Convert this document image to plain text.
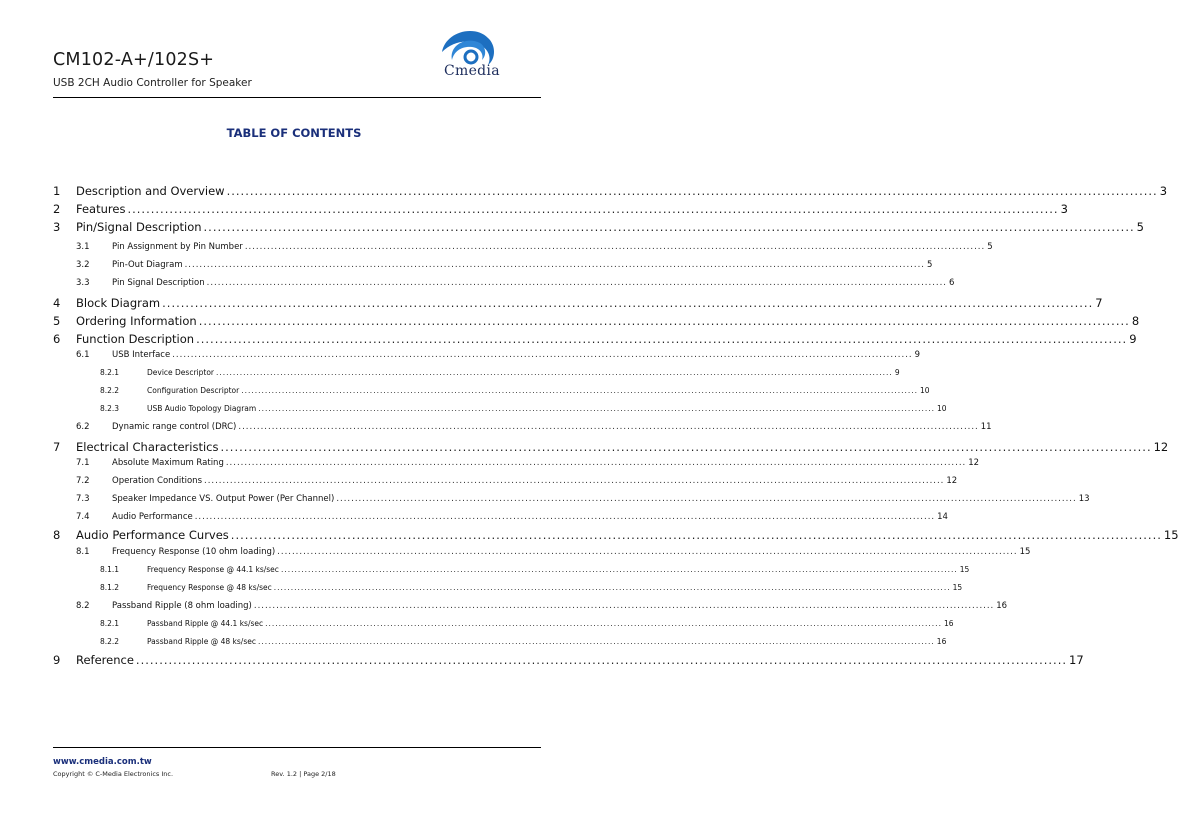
CM102-A+/102S+
USB 2CH Audio Controller for Speaker
Cmedia
TABLE OF CONTENTS
1	Description and Overview ........................................................................................................................................................................................................ 3
2	Features ........................................................................................................................................................................................................ 3
3	Pin/Signal Description ........................................................................................................................................................................................................ 5
3.1	Pin Assignment by Pin Number ........................................................................................................................................................................................................ 5
3.2	Pin-Out Diagram ........................................................................................................................................................................................................ 5
3.3	Pin Signal Description ........................................................................................................................................................................................................ 6
4	Block Diagram ........................................................................................................................................................................................................ 7
5	Ordering Information ........................................................................................................................................................................................................ 8
6	Function Description ........................................................................................................................................................................................................ 9
6.1	USB Interface ........................................................................................................................................................................................................ 9
8.2.1	Device Descriptor ........................................................................................................................................................................................................ 9
8.2.2	Configuration Descriptor ........................................................................................................................................................................................................ 10
8.2.3	USB Audio Topology Diagram ........................................................................................................................................................................................................ 10
6.2	Dynamic range control (DRC) ........................................................................................................................................................................................................ 11
7	Electrical Characteristics ........................................................................................................................................................................................................ 12
7.1	Absolute Maximum Rating ........................................................................................................................................................................................................ 12
7.2	Operation Conditions ........................................................................................................................................................................................................ 12
7.3	Speaker Impedance VS. Output Power (Per Channel) ........................................................................................................................................................................................................ 13
7.4	Audio Performance ........................................................................................................................................................................................................ 14
8	Audio Performance Curves ........................................................................................................................................................................................................ 15
8.1	Frequency Response (10 ohm loading) ........................................................................................................................................................................................................ 15
8.1.1	Frequency Response @ 44.1 ks/sec ........................................................................................................................................................................................................ 15
8.1.2	Frequency Response @ 48 ks/sec ........................................................................................................................................................................................................ 15
8.2	Passband Ripple (8 ohm loading) ........................................................................................................................................................................................................ 16
8.2.1	Passband Ripple @ 44.1 ks/sec ........................................................................................................................................................................................................ 16
8.2.2	Passband Ripple @ 48 ks/sec ........................................................................................................................................................................................................ 16
9	Reference ........................................................................................................................................................................................................ 17
www.cmedia.com.tw
Copyright © C-Media Electronics Inc.	Rev. 1.2 | Page 2/18
